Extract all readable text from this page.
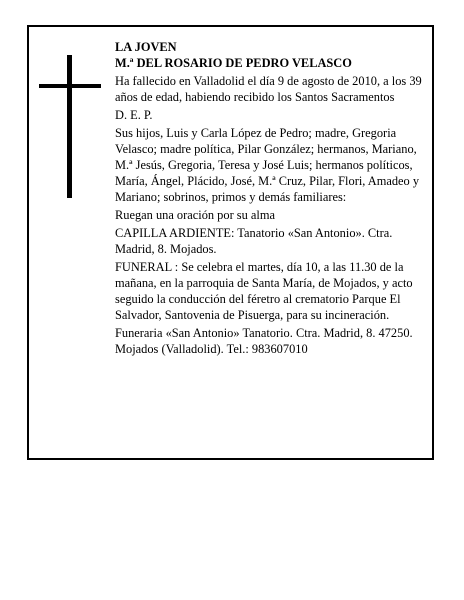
LA JOVEN
M.ª DEL ROSARIO DE PEDRO VELASCO

Ha fallecido en Valladolid el día 9 de agosto de 2010, a los 39 años de edad, habiendo recibido los Santos Sacramentos

D. E. P.

Sus hijos, Luis y Carla López de Pedro; madre, Gregoria Velasco; madre política, Pilar González; hermanos, Mariano, M.ª Jesús, Gregoria, Teresa y José Luis; hermanos políticos, María, Ángel, Plácido, José, M.ª Cruz, Pilar, Flori, Amadeo y Mariano; sobrinos, primos y demás familiares:

Ruegan una oración por su alma

CAPILLA ARDIENTE: Tanatorio «San Antonio». Ctra. Madrid, 8. Mojados.

FUNERAL : Se celebra el martes, día 10, a las 11.30 de la mañana, en la parroquia de Santa María, de Mojados, y acto seguido la conducción del féretro al crematorio Parque El Salvador, Santovenia de Pisuerga, para su incineración.

Funeraria «San Antonio» Tanatorio. Ctra. Madrid, 8. 47250. Mojados (Valladolid). Tel.: 983607010
